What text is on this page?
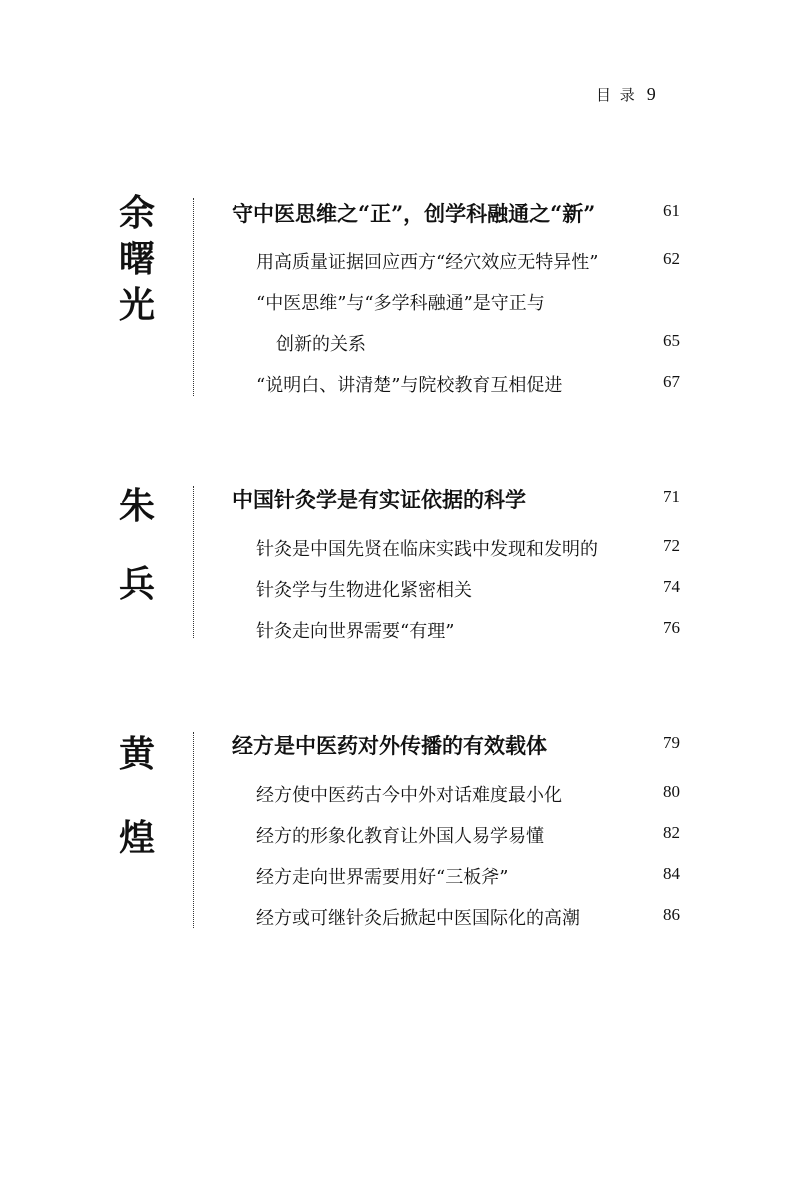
目 录 9
余
曙
光
守中医思维之“正”，创学科融通之“新”	61
用高质量证据回应西方“经穴效应无特异性”	62
“中医思维”与“多学科融通”是守正与
创新的关系	65
“说明白、讲清楚”与院校教育互相促进	67
朱
兵
中国针灸学是有实证依据的科学	71
针灸是中国先贤在临床实践中发现和发明的	72
针灸学与生物进化紧密相关	74
针灸走向世界需要“有理”	76
黄
煌
经方是中医药对外传播的有效载体	79
经方使中医药古今中外对话难度最小化	80
经方的形象化教育让外国人易学易懂	82
经方走向世界需要用好“三板斧”	84
经方或可继针灸后掀起中医国际化的高潮	86
